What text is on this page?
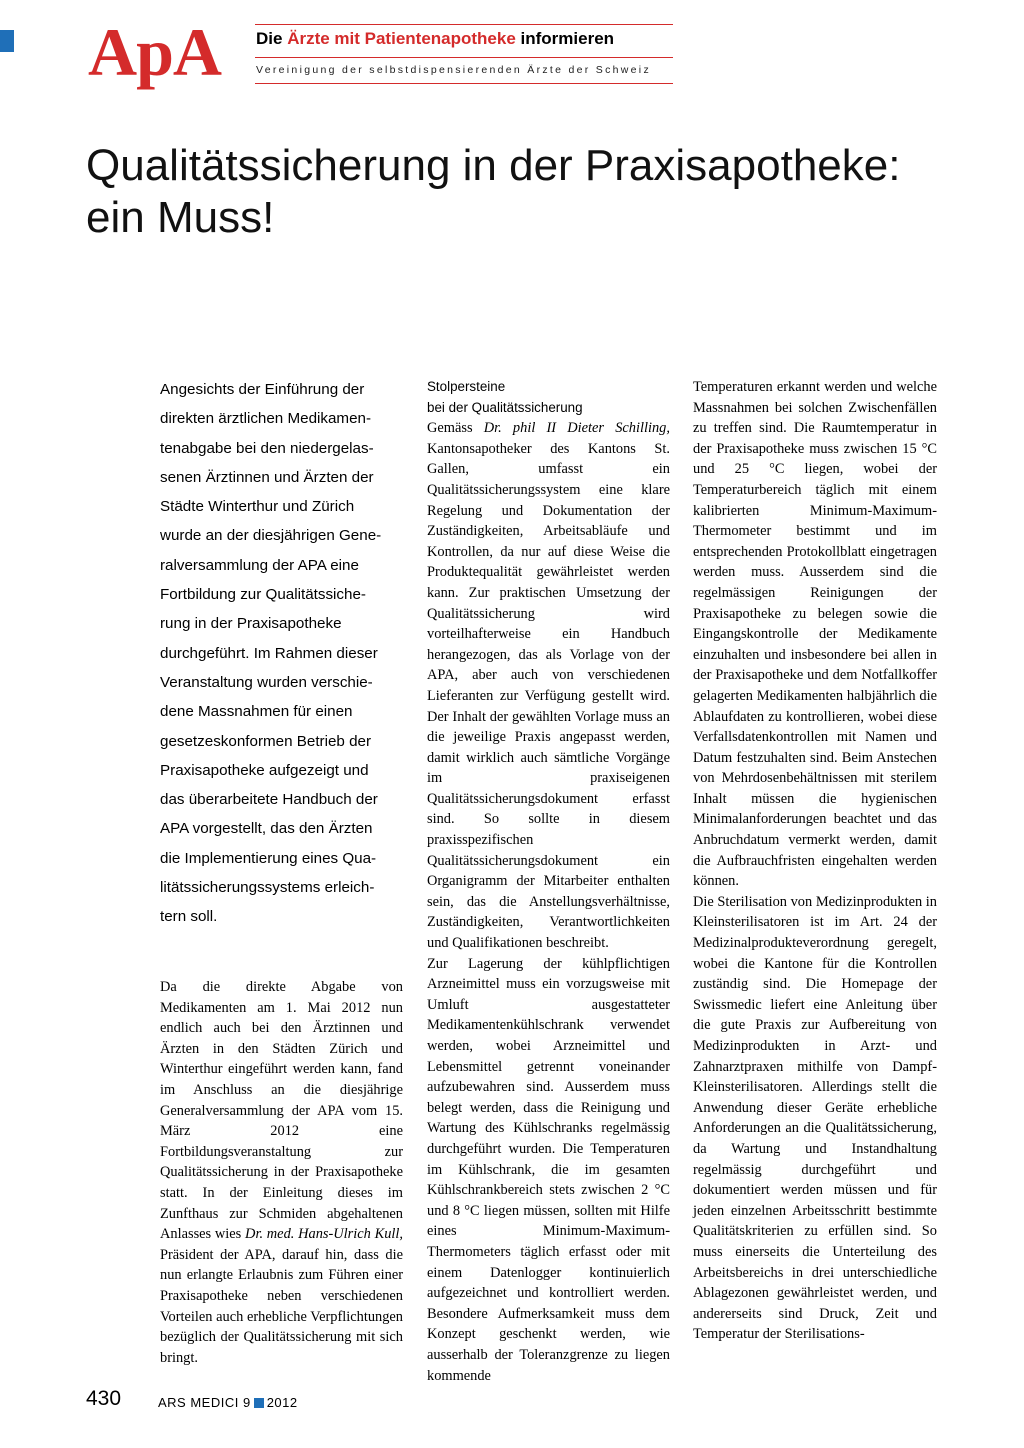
ApA Die Ärzte mit Patientenapotheke informieren
Vereinigung der selbstdispensierenden Ärzte der Schweiz
Qualitätssicherung in der Praxisapotheke:
ein Muss!
Angesichts der Einführung der
direkten ärztlichen Medikamen-
tenabgabe bei den niedergelas-
senen Ärztinnen und Ärzten der
Städte Winterthur und Zürich
wurde an der diesjährigen Gene-
ralversammlung der APA eine
Fortbildung zur Qualitätssiche-
rung in der Praxisapotheke
durchgeführt. Im Rahmen dieser
Veranstaltung wurden verschie-
dene Massnahmen für einen
gesetzeskonformen Betrieb der
Praxisapotheke aufgezeigt und
das überarbeitete Handbuch der
APA vorgestellt, das den Ärzten
die Implementierung eines Qua-
litätssicherungssystems erleich-
tern soll.

Da die direkte Abgabe von Medikamenten am 1. Mai 2012 nun endlich auch bei den Ärztinnen und Ärzten in den Städten Zürich und Winterthur eingeführt werden kann, fand im Anschluss an die diesjährige Generalversammlung der APA vom 15. März 2012 eine Fortbildungsveranstaltung zur Qualitätssicherung in der Praxisapotheke statt. In der Einleitung dieses im Zunfthaus zur Schmiden abgehaltenen Anlasses wies Dr. med. Hans-Ulrich Kull, Präsident der APA, darauf hin, dass die nun erlangte Erlaubnis zum Führen einer Praxisapotheke neben verschiedenen Vorteilen auch erhebliche Verpflichtungen bezüglich der Qualitätssicherung mit sich bringt.

Stolpersteine
bei der Qualitätssicherung

Gemäss Dr. phil II Dieter Schilling, Kantonsapotheker des Kantons St. Gallen, umfasst ein Qualitätssicherungssystem eine klare Regelung und Dokumentation der Zuständigkeiten, Arbeitsabläufe und Kontrollen, da nur auf diese Weise die Produktequalität gewährleistet werden kann. Zur praktischen Umsetzung der Qualitätssicherung wird vorteilhafterweise ein Handbuch herangezogen, das als Vorlage von der APA, aber auch von verschiedenen Lieferanten zur Verfügung gestellt wird. Der Inhalt der gewählten Vorlage muss an die jeweilige Praxis angepasst werden, damit wirklich auch sämtliche Vorgänge im praxiseigenen Qualitätssicherungsdokument erfasst sind. So sollte in diesem praxisspezifischen Qualitätssicherungsdokument ein Organigramm der Mitarbeiter enthalten sein, das die Anstellungsverhältnisse, Zuständigkeiten, Verantwortlichkeiten und Qualifikationen beschreibt.

Zur Lagerung der kühlpflichtigen Arzneimittel muss ein vorzugsweise mit Umluft ausgestatteter Medikamentenkühlschrank verwendet werden, wobei Arzneimittel und Lebensmittel getrennt voneinander aufzubewahren sind. Ausserdem muss belegt werden, dass die Reinigung und Wartung des Kühlschranks regelmässig durchgeführt wurden. Die Temperaturen im Kühlschrank, die im gesamten Kühlschrankbereich stets zwischen 2 °C und 8 °C liegen müssen, sollten mit Hilfe eines Minimum-Maximum-Thermometers täglich erfasst oder mit einem Datenlogger kontinuierlich aufgezeichnet und kontrolliert werden. Besondere Aufmerksamkeit muss dem Konzept geschenkt werden, wie ausserhalb der Toleranzgrenze zu liegen kommende

Temperaturen erkannt werden und welche Massnahmen bei solchen Zwischenfällen zu treffen sind. Die Raumtemperatur in der Praxisapotheke muss zwischen 15 °C und 25 °C liegen, wobei der Temperaturbereich täglich mit einem kalibrierten Minimum-Maximum-Thermometer bestimmt und im entsprechenden Protokollblatt eingetragen werden muss. Ausserdem sind die regelmässigen Reinigungen der Praxisapotheke zu belegen sowie die Eingangskontrolle der Medikamente einzuhalten und insbesondere bei allen in der Praxisapotheke und dem Notfallkoffer gelagerten Medikamenten halbjährlich die Ablaufdaten zu kontrollieren, wobei diese Verfallsdatenkontrollen mit Namen und Datum festzuhalten sind. Beim Anstechen von Mehrdosenbehältnissen mit sterilem Inhalt müssen die hygienischen Minimalanforderungen beachtet und das Anbruchdatum vermerkt werden, damit die Aufbrauchfristen eingehalten werden können.

Die Sterilisation von Medizinprodukten in Kleinsterilisatoren ist im Art. 24 der Medizinalprodukteverordnung geregelt, wobei die Kantone für die Kontrollen zuständig sind. Die Homepage der Swissmedic liefert eine Anleitung über die gute Praxis zur Aufbereitung von Medizinprodukten in Arzt- und Zahnarztpraxen mithilfe von Dampf-Kleinsterilisatoren. Allerdings stellt die Anwendung dieser Geräte erhebliche Anforderungen an die Qualitätssicherung, da Wartung und Instandhaltung regelmässig durchgeführt und dokumentiert werden müssen und für jeden einzelnen Arbeitsschritt bestimmte Qualitätskriterien zu erfüllen sind. So muss einerseits die Unterteilung des Arbeitsbereichs in drei unterschiedliche Ablagezonen gewährleistet werden, und andererseits sind Druck, Zeit und Temperatur der Sterilisations-

430	ARS MEDICI 9 2012
